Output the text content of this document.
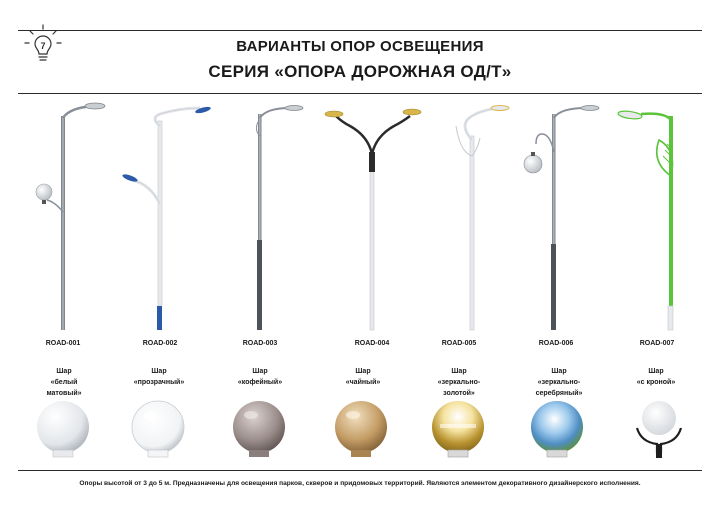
7	ВАРИАНТЫ ОПОР ОСВЕЩЕНИЯ
СЕРИЯ «ОПОРА ДОРОЖНАЯ ОД/Т»
ROAD-001	ROAD-002	ROAD-003	ROAD-004	ROAD-005	ROAD-006	ROAD-007
Шар
«белый
матовый»
Шар
«прозрачный»
Шар
«кофейный»
Шар
«чайный»
Шар
«зеркально-
золотой»
Шар
«зеркально-
серебряный»
Шар
«с кроной»
Опоры высотой от 3 до 5 м. Предназначены для освещения парков, скверов и придомовых территорий. Являются элементом декоративного дизайнерского исполнения.
